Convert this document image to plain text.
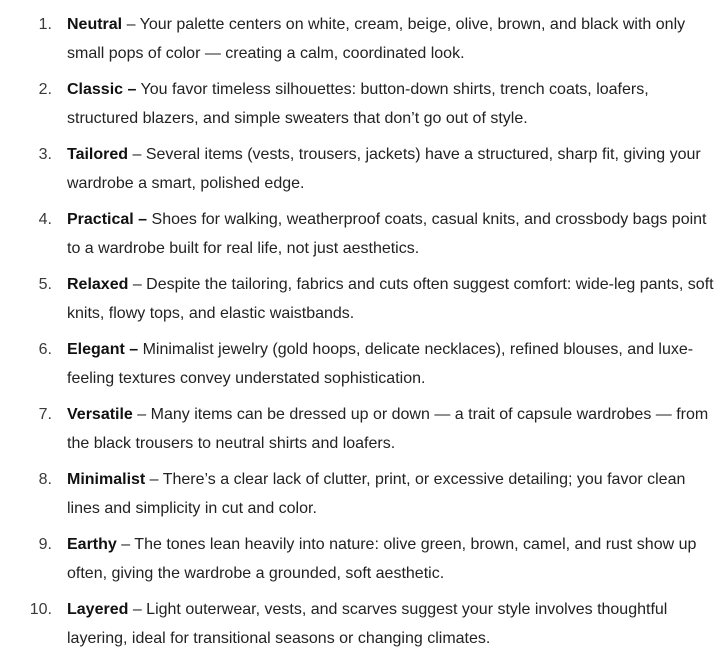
1. Neutral – Your palette centers on white, cream, beige, olive, brown, and black with only small pops of color — creating a calm, coordinated look.
2. Classic – You favor timeless silhouettes: button-down shirts, trench coats, loafers, structured blazers, and simple sweaters that don’t go out of style.
3. Tailored – Several items (vests, trousers, jackets) have a structured, sharp fit, giving your wardrobe a smart, polished edge.
4. Practical – Shoes for walking, weatherproof coats, casual knits, and crossbody bags point to a wardrobe built for real life, not just aesthetics.
5. Relaxed – Despite the tailoring, fabrics and cuts often suggest comfort: wide-leg pants, soft knits, flowy tops, and elastic waistbands.
6. Elegant – Minimalist jewelry (gold hoops, delicate necklaces), refined blouses, and luxe-feeling textures convey understated sophistication.
7. Versatile – Many items can be dressed up or down — a trait of capsule wardrobes — from the black trousers to neutral shirts and loafers.
8. Minimalist – There’s a clear lack of clutter, print, or excessive detailing; you favor clean lines and simplicity in cut and color.
9. Earthy – The tones lean heavily into nature: olive green, brown, camel, and rust show up often, giving the wardrobe a grounded, soft aesthetic.
10. Layered – Light outerwear, vests, and scarves suggest your style involves thoughtful layering, ideal for transitional seasons or changing climates.
